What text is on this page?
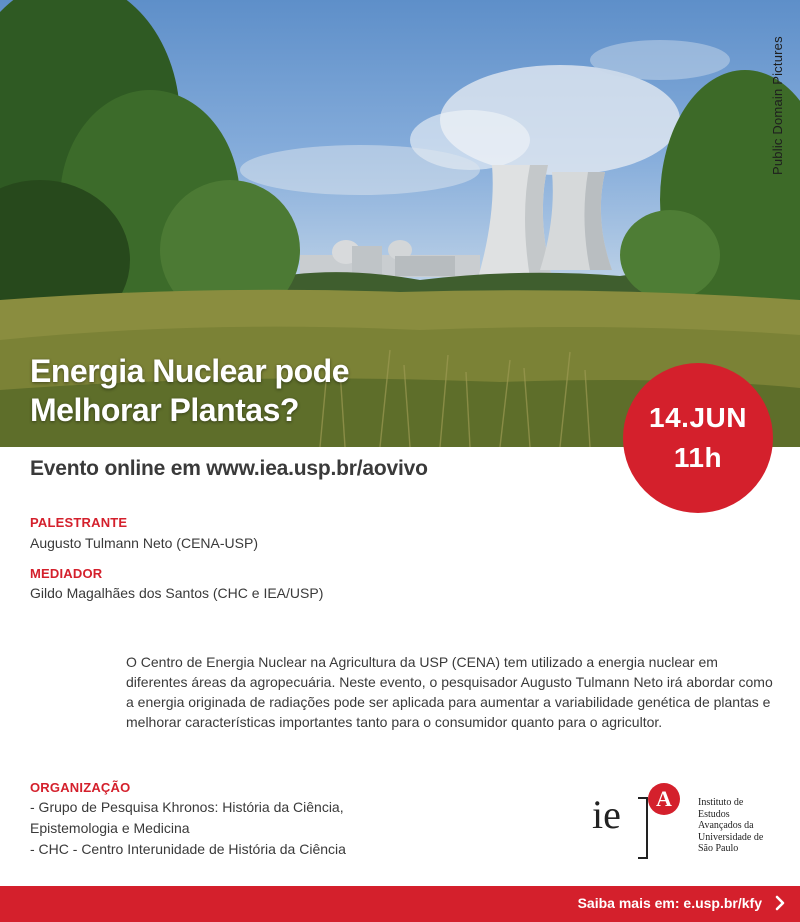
Public Domain Pictures
Energia Nuclear pode
Melhorar Plantas?	14.JUN
11h
Evento online em www.iea.usp.br/aovivo
PALESTRANTE
Augusto Tulmann Neto (CENA-USP)
MEDIADOR
Gildo Magalhães dos Santos (CHC e IEA/USP)

O Centro de Energia Nuclear na Agricultura da USP (CENA) tem utilizado a energia nuclear em diferentes áreas da agropecuária. Neste evento, o pesquisador Augusto Tulmann Neto irá abordar como a energia originada de radiações pode ser aplicada para aumentar a variabilidade genética de plantas e melhorar características importantes tanto para o consumidor quanto para o agricultor.

ORGANIZAÇÃO
- Grupo de Pesquisa Khronos: História da Ciência,
Epistemologia e Medicina
- CHC - Centro Interunidade de História da Ciência
ie	A	Instituto de
Estudos
Avançados da
Universidade de
São Paulo
Saiba mais em: e.usp.br/kfy
